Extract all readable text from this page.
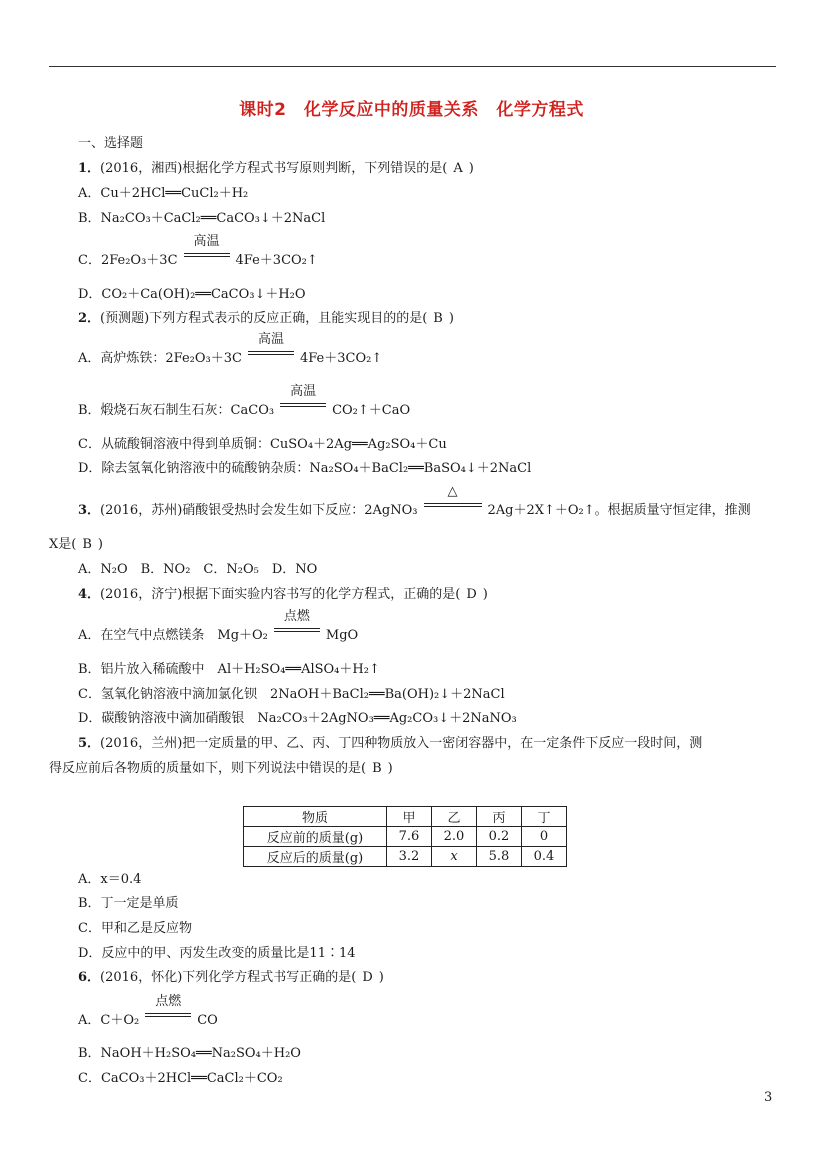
课时2　化学反应中的质量关系　化学方程式
一、选择题
1．(2016，湘西)根据化学方程式书写原则判断，下列错误的是( A )
A．Cu＋2HCl══CuCl₂＋H₂
B．Na₂CO₃＋CaCl₂══CaCO₃↓＋2NaCl
C．2Fe₂O₃＋3C
高温
4Fe＋3CO₂↑
D．CO₂＋Ca(OH)₂══CaCO₃↓＋H₂O
2．(预测题)下列方程式表示的反应正确，且能实现目的的是( B )
A．高炉炼铁：2Fe₂O₃＋3C
高温
4Fe＋3CO₂↑
B．煅烧石灰石制生石灰：CaCO₃
高温
CO₂↑＋CaO
C．从硫酸铜溶液中得到单质铜：CuSO₄＋2Ag══Ag₂SO₄＋Cu
D．除去氢氧化钠溶液中的硫酸钠杂质：Na₂SO₄＋BaCl₂══BaSO₄↓＋2NaCl
3．(2016，苏州)硝酸银受热时会发生如下反应：2AgNO₃
△
2Ag＋2X↑＋O₂↑。根据质量守恒定律，推测
X是( B )
A．N₂O　B．NO₂　C．N₂O₅　D．NO
4．(2016，济宁)根据下面实验内容书写的化学方程式，正确的是( D )
A．在空气中点燃镁条　Mg＋O₂
点燃
MgO
B．铝片放入稀硫酸中　Al＋H₂SO₄══AlSO₄＋H₂↑
C．氢氧化钠溶液中滴加氯化钡　2NaOH＋BaCl₂══Ba(OH)₂↓＋2NaCl
D．碳酸钠溶液中滴加硝酸银　Na₂CO₃＋2AgNO₃══Ag₂CO₃↓＋2NaNO₃
5．(2016，兰州)把一定质量的甲、乙、丙、丁四种物质放入一密闭容器中，在一定条件下反应一段时间，测
得反应前后各物质的质量如下，则下列说法中错误的是( B )
物质	甲	乙	丙	丁
反应前的质量(g)	7.6	2.0	0.2	0
反应后的质量(g)	3.2	x	5.8	0.4
A．x＝0.4
B．丁一定是单质
C．甲和乙是反应物
D．反应中的甲、丙发生改变的质量比是11∶14
6．(2016，怀化)下列化学方程式书写正确的是( D )
A．C＋O₂
点燃
CO
B．NaOH＋H₂SO₄══Na₂SO₄＋H₂O
C．CaCO₃＋2HCl══CaCl₂＋CO₂
3
